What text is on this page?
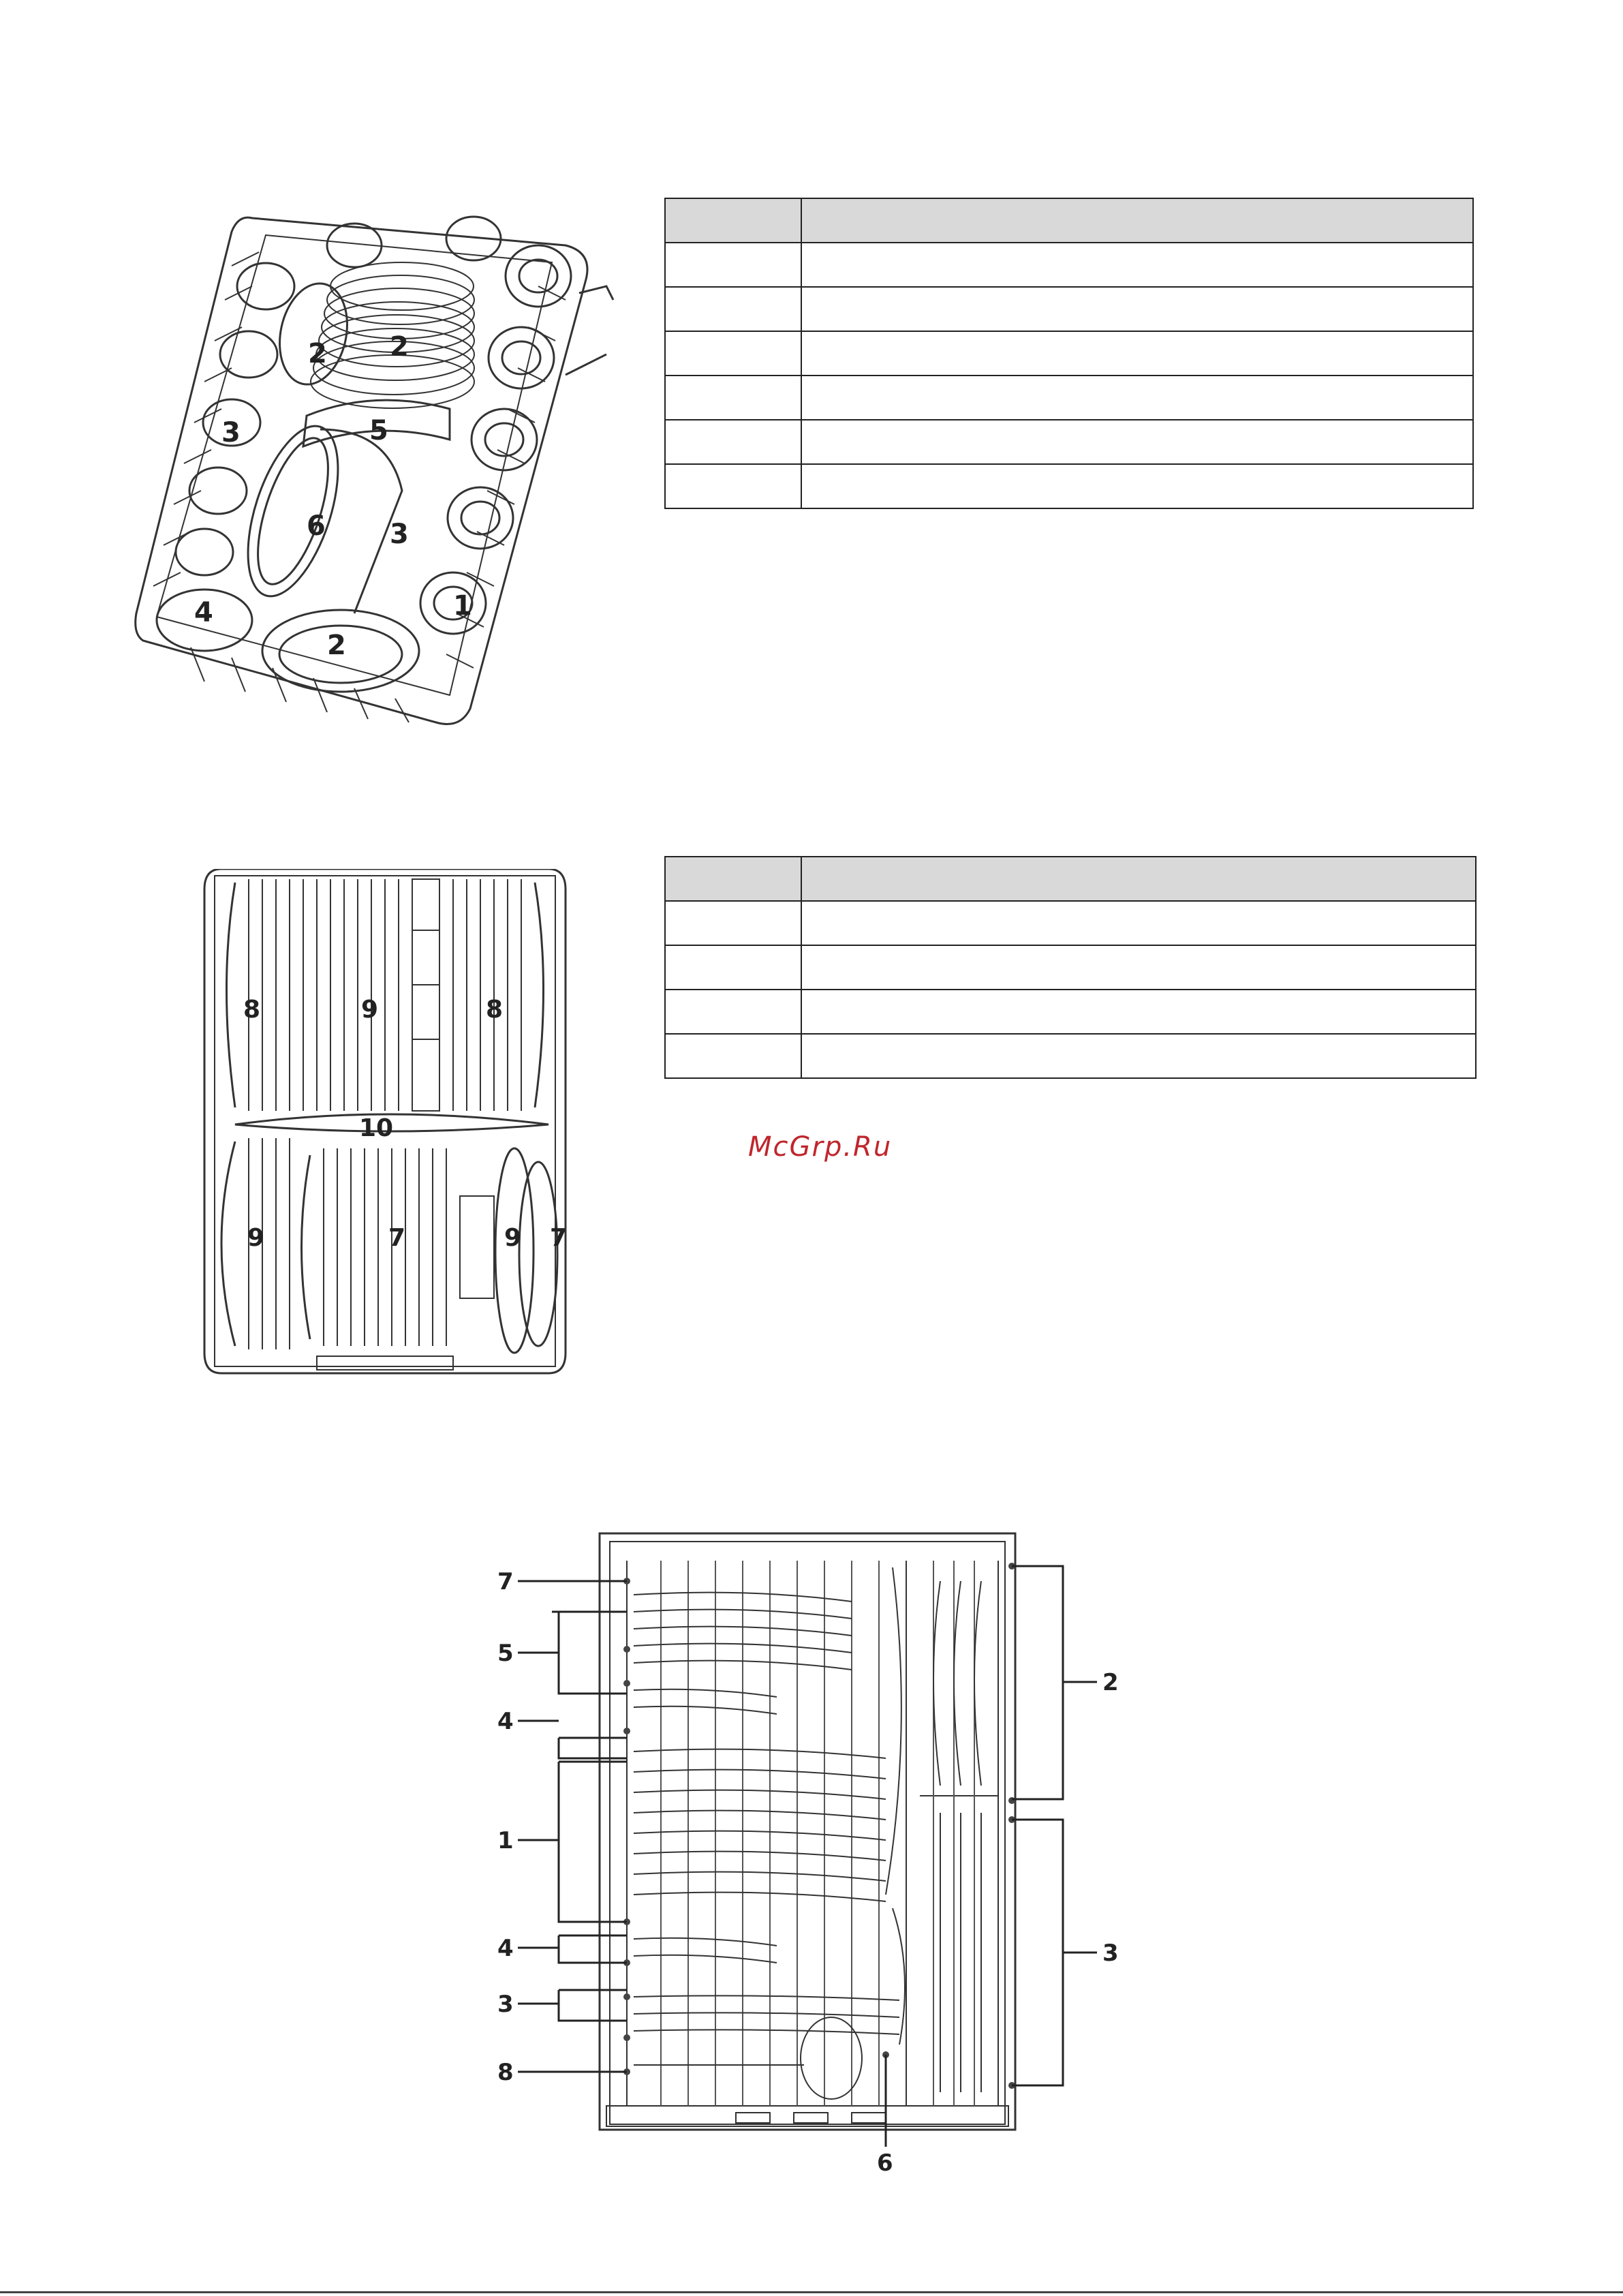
2 2
3	5
6 3
1
4
2

8	9	8
10
9	7	9 7

McGrp.Ru
7
5
4
1
4
3
8
2
3
6
